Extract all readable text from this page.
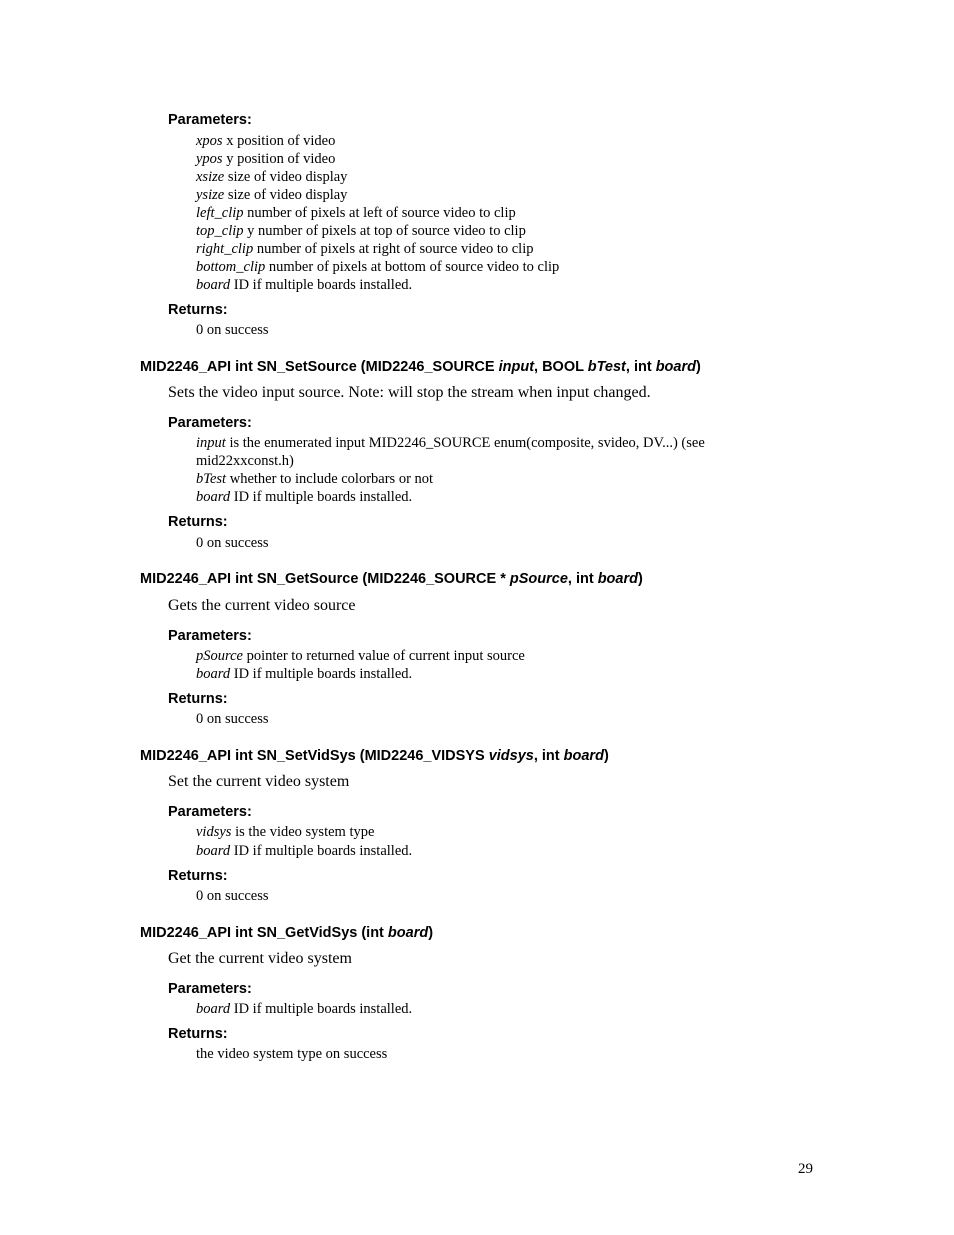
Parameters:
xpos x position of video
ypos y position of video
xsize size of video display
ysize size of video display
left_clip number of pixels at left of source video to clip
top_clip y number of pixels at top of source video to clip
right_clip number of pixels at right of source video to clip
bottom_clip number of pixels at bottom of source video to clip
board ID if multiple boards installed.
Returns:
0 on success
MID2246_API int SN_SetSource (MID2246_SOURCE input, BOOL bTest, int board)
Sets the video input source. Note: will stop the stream when input changed.
Parameters:
input is the enumerated input MID2246_SOURCE enum(composite, svideo, DV...) (see
mid22xxconst.h)
bTest whether to include colorbars or not
board ID if multiple boards installed.
Returns:
0 on success
MID2246_API int SN_GetSource (MID2246_SOURCE * pSource, int board)
Gets the current video source
Parameters:
pSource pointer to returned value of current input source
board ID if multiple boards installed.
Returns:
0 on success
MID2246_API int SN_SetVidSys (MID2246_VIDSYS vidsys, int board)
Set the current video system
Parameters:
vidsys is the video system type
board ID if multiple boards installed.
Returns:
0 on success
MID2246_API int SN_GetVidSys (int board)
Get the current video system
Parameters:
board ID if multiple boards installed.
Returns:
the video system type on success
29
